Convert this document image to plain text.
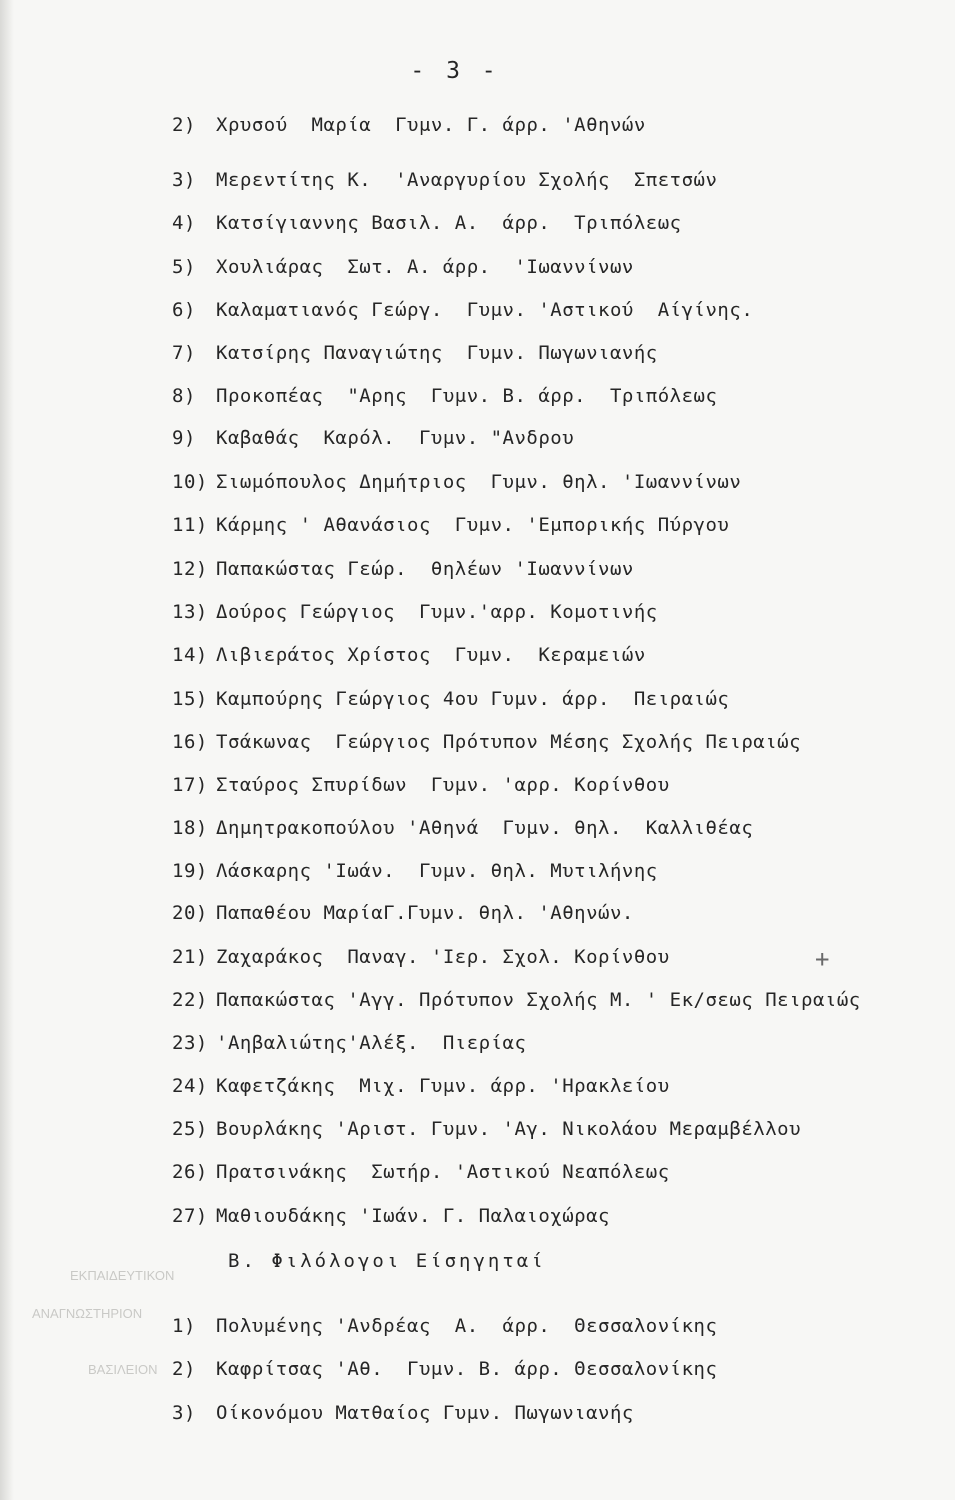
ΕΚΠΑΙΔΕΥΤΙΚΟΝ
ΑΝΑΓΝΩΣΤΗΡΙΟΝ
ΒΑΣΙΛΕΙΟΝ
- 3 -
2) Χρυσού  Μαρία  Γυμν. Γ. άρρ. 'Αθηνών
3) Μερεντίτης Κ.  'Αναργυρίου Σχολής  Σπετσών
4) Κατσίγιαννης Βασιλ. Α.  άρρ.  Τριπόλεως
5) Χουλιάρας  Σωτ. Α. άρρ.  'Ιωαννίνων
6) Καλαματιανός Γεώργ.  Γυμν. 'Αστικού  Αίγίνης.
7) Κατσίρης Παναγιώτης  Γυμν. Πωγωνιανής
8) Προκοπέας  "Αρης  Γυμν. Β. άρρ.  Τριπόλεως
9) Καβαθάς  Καρόλ.  Γυμν. "Ανδρου
10) Σιωμόπουλος Δημήτριος  Γυμν. θηλ. 'Ιωαννίνων
11) Κάρμης ' Αθανάσιος  Γυμν. 'Εμπορικής Πύργου
12) Παπακώστας Γεώρ.  θηλέων 'Ιωαννίνων
13) Δούρος Γεώργιος  Γυμν.'αρρ. Κομοτινής
14) Λιβιεράτος Χρίστος  Γυμν.  Κεραμειών
15) Καμπούρης Γεώργιος 4ου Γυμν. άρρ.  Πειραιώς
16) Τσάκωνας  Γεώργιος Πρότυπον Μέσης Σχολής Πειραιώς
17) Σταύρος Σπυρίδων  Γυμν. 'αρρ. Κορίνθου
18) Δημητρακοπούλου 'Αθηνά  Γυμν. θηλ.  Καλλιθέας
19) Λάσκαρης 'Ιωάν.  Γυμν. θηλ. Μυτιλήνης
20) Παπαθέου ΜαρίαΓ.Γυμν. θηλ. 'Αθηνών.
21) Ζαχαράκος  Παναγ. 'Ιερ. Σχολ. Κορίνθου
22) Παπακώστας 'Αγγ. Πρότυπον Σχολής Μ. ' Εκ/σεως Πειραιώς
23) 'Αηβαλιώτης'Αλέξ.  Πιερίας
24) Καφετζάκης  Μιχ. Γυμν. άρρ. 'Ηρακλείου
25) Βουρλάκης 'Αριστ. Γυμν. 'Αγ. Νικολάου Μεραμβέλλου
26) Πρατσινάκης  Σωτήρ. 'Αστικού Νεαπόλεως
27) Μαθιουδάκης 'Ιωάν. Γ. Παλαιοχώρας
Β. Φιλόλογοι Είσηγηταί
1) Πολυμένης 'Ανδρέας  Α.  άρρ.  Θεσσαλονίκης
2) Καφρίτσας 'Αθ.  Γυμν. Β. άρρ. Θεσσαλονίκης
3) Οίκονόμου Ματθαίος Γυμν. Πωγωνιανής
+
